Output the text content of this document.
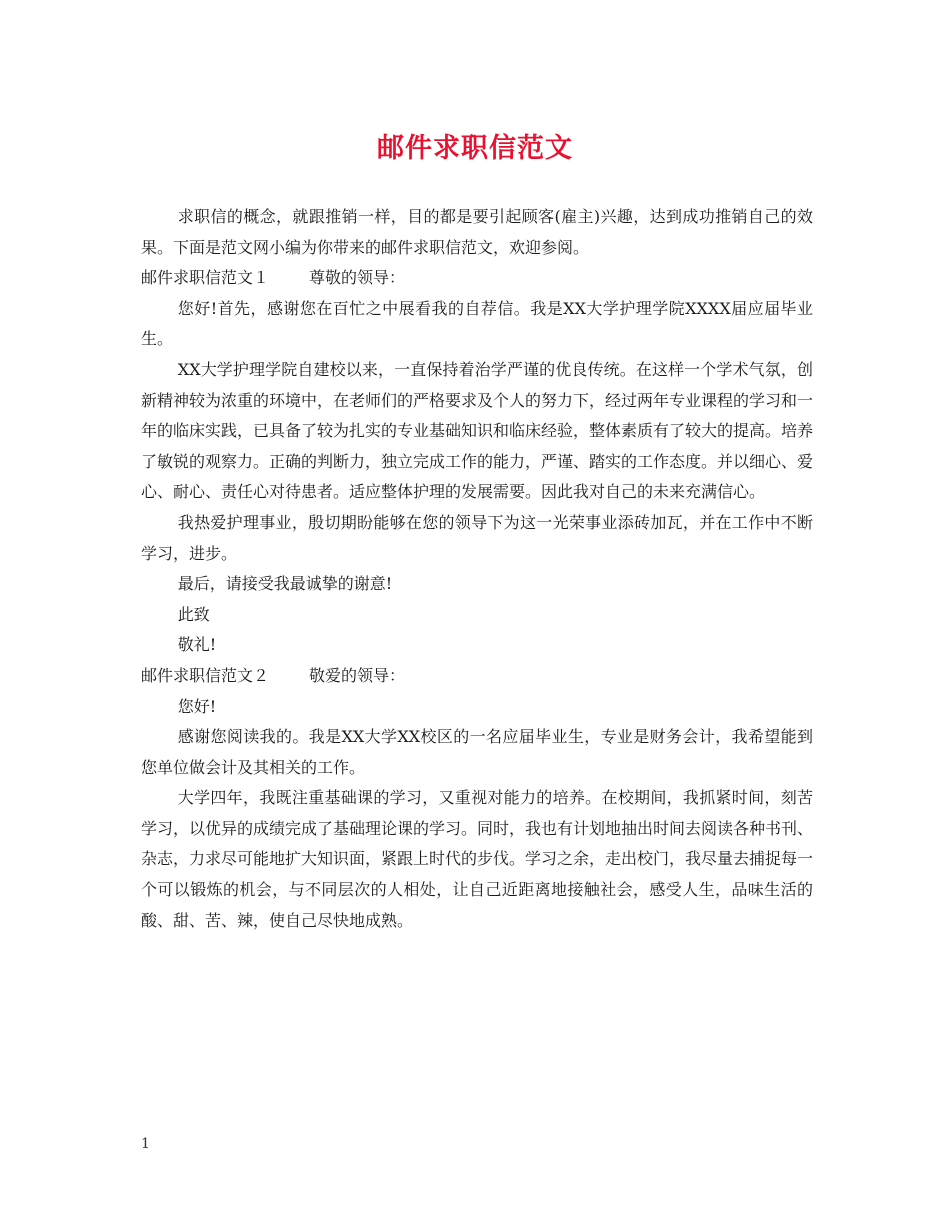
邮件求职信范文

求职信的概念，就跟推销一样，目的都是要引起顾客(雇主)兴趣，达到成功推销自己的效果。下面是范文网小编为你带来的邮件求职信范文，欢迎参阅。

邮件求职信范文１	尊敬的领导：

您好!首先，感谢您在百忙之中展看我的自荐信。我是XX大学护理学院XXXX届应届毕业生。

XX大学护理学院自建校以来，一直保持着治学严谨的优良传统。在这样一个学术气氛，创新精神较为浓重的环境中，在老师们的严格要求及个人的努力下，经过两年专业课程的学习和一年的临床实践，已具备了较为扎实的专业基础知识和临床经验，整体素质有了较大的提高。培养了敏锐的观察力。正确的判断力，独立完成工作的能力，严谨、踏实的工作态度。并以细心、爱心、耐心、责任心对待患者。适应整体护理的发展需要。因此我对自己的未来充满信心。

我热爱护理事业，殷切期盼能够在您的领导下为这一光荣事业添砖加瓦，并在工作中不断学习，进步。

最后，请接受我最诚挚的谢意!

此致

敬礼!

邮件求职信范文２	敬爱的领导：

您好!

感谢您阅读我的。我是XX大学XX校区的一名应届毕业生，专业是财务会计，我希望能到您单位做会计及其相关的工作。

大学四年，我既注重基础课的学习，又重视对能力的培养。在校期间，我抓紧时间，刻苦学习，以优异的成绩完成了基础理论课的学习。同时，我也有计划地抽出时间去阅读各种书刊、杂志，力求尽可能地扩大知识面，紧跟上时代的步伐。学习之余，走出校门，我尽量去捕捉每一个可以锻炼的机会，与不同层次的人相处，让自己近距离地接触社会，感受人生，品味生活的酸、甜、苦、辣，使自己尽快地成熟。

1
